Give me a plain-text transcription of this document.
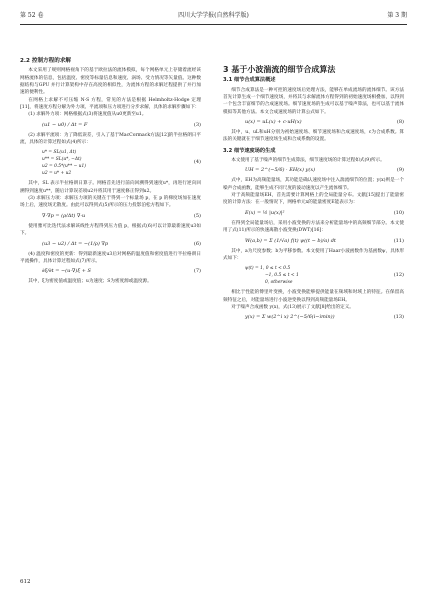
第 52 卷	四川大学学报(自然科学版)	第 3 期
2.2 控制方程的求解
本文采用了规则网格视角下的基于欧拉法的流体模拟，每个网格单元上存储着流经该网格流体的信息，包括温度、密度等标量信息和速度、涡场、受力情况等矢量值。这种数据结构与GPU 并行计算架构中存在高度的相似性，为流体方程的求解过程提供了并行加速的便利性。
在网格上求解不可压缩 N-S 方程，常见的方法是根据 Helmholtz-Hodge 定理[11]，将速度方程分解为外力项、平流项和压力项进行分步求解，具体的求解步骤如下：
(1) 求解外力项：网格根据式(3)将速度值从u0更新至u1。
(u1 − u0) / Δt = F	(3)
(2) 求解平流项：为了降低误差，引入了基于MacCormack方法[12]的半拉格朗日平流，具体的计算过程如式(4)所示：
u* = SL(u1, Δt)
u** = SL(u*, −Δt)
u2 = 0.5*(u** − u1)
u2 = u* + u2
(4)
其中，SL 表示半拉格朗日算子。网格首先进行前向回溯得到速度u*，再进行逆向回溯得到速度u**，随后计算误差项u2并将其用于速度修正得到u2。
(3) 求解压力项：求解压力项的关键在于得到一个标量场 p，在 p 的梯度场加在速度场上后，速度场无散度。由此可以得到式(5)所示的压力投影泊松方程如下。
∇·∇p = (ρ/Δt) ∇·u	(5)
使用雅可比迭代法求解该线性方程得到压力值 p，根据式(6)可以计算最新速度u3如下。
(u3 − u2) / Δt = −(1/ρ) ∇p	(6)
(4) 温度和密度的更新：得到最新速度u3后对网格的温度值和密度值进行半拉格朗日平流操作，具体计算过程如式(7)所示。
∂ξ/∂t = −(u·∇)ξ + S	(7)
其中，ξ为密度值或温度值；u为速度；S为密度源或温度源。
3 基于小波湍流的细节合成算法
3.1 细节合成算法概述
细节合成算法是一种可控的速度场后处理方法，能够在单成流场的流体细节。该方法首先计算生成一个细节速度场，并将其与求解流体方程得到的初始速度场相叠加，以得到一个包含丰富细节的合成速度场。细节速度场的生成可以基于噪声算法，也可以基于流体模拟等其他方法。本文合成速度场的计算公式如下。
u(x) = uL(x) + c·uH(x)	(8)
其中，u、uL和uH分别为初始速度场、细节速度场和合成速度场，c为合成系数。算法的关键就在于细节速度场生成和合成系数的设置。
3.2 细节速度场的生成
本文使用了基于噪声的细节生成算法，细节速度场的计算过程如式(9)所示。
UH = 2^(−5/6) · EH(x) y(x)	(9)
式中，EH为高频能量场，其功能是确认速度场中注入湍流细节的位置；y(x)则是一个噪声合成函数，能够生成不同尺度的波动速度以产生流体细节。
对于高频能量场EH，首先需要计算网格上的全局能量分布。文献[15]提出了能量密度的计算方法：在一般情况下，网格单元x的能量密度E能表示为：
E(x) = ½ |u(x)|²	(10)
在得到全局能量场后，采用小波变换的方法来分析能量场中的高频细节部分。本文使用了式(11)所示的快速离散小波变换(DWT)[16]：
W(a,b) = Σ (1/√a) f(t) ψ((t − b)/a) dt	(11)
其中，a为尺度参数；b为平移参数。本文使用了Haar小波函数作为基函数ψ，具体形式如下：
ψ(t) = 1, 0 ≤ t < 0.5
−1, 0.5 ≤ t < 1
0, otherwise
(12)
相比于性能的傅里叶变换，小波变换能够提供能量在频域和时域上的特征。在保留高频特征之后，对能量场进行小波逆变换以得到高频能量场EH。
对于噪声合成函数 y(x)，式(13)展示了文献[8]给出的定义。
y(x) = Σ w(2^i x) 2^(−5/6(i−imin))	(13)
612
